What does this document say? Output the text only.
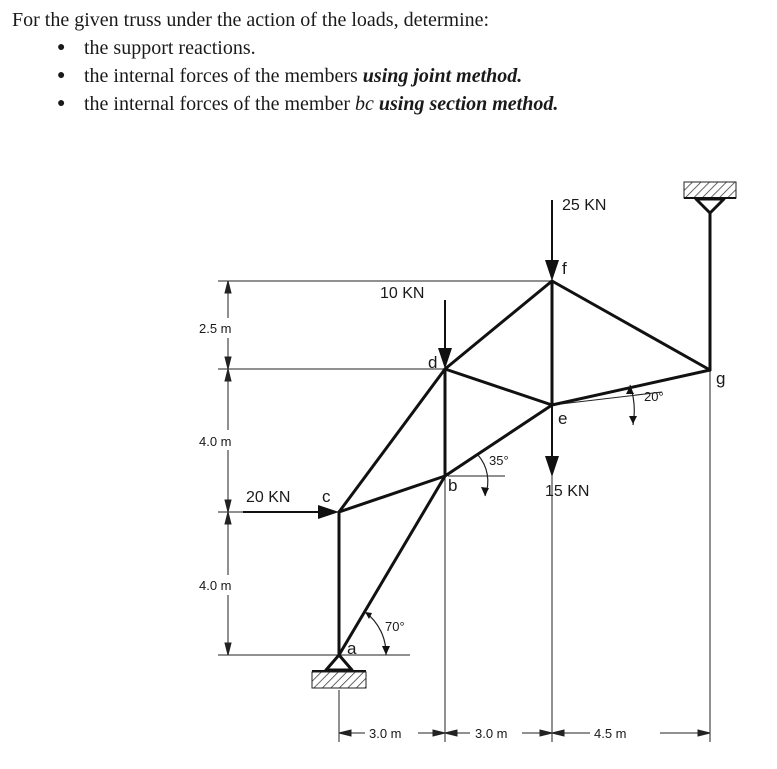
For the given truss under the action of the loads, determine:
● the support reactions.
● the internal forces of the members using joint method.
● the internal forces of the member bc using section method.
a
b
c
d
e
f
g
20 KN
10 KN
25 KN
15 KN
2.5 m
4.0 m
4.0 m
3.0 m	3.0 m	4.5 m
70°
35°
20°
